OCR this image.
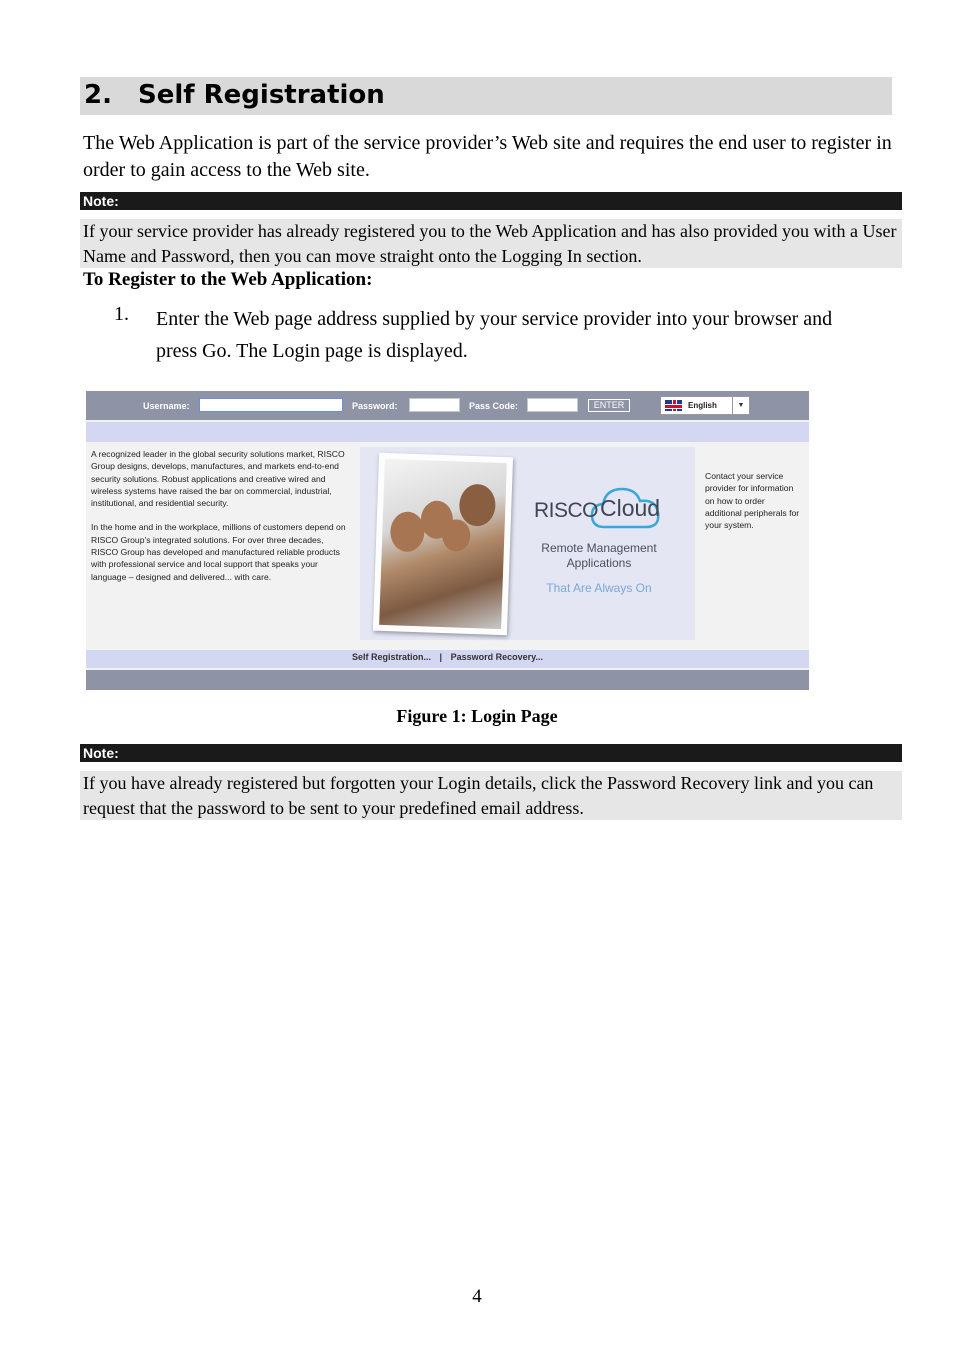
2. Self Registration
The Web Application is part of the service provider’s Web site and requires the end user to register in order to gain access to the Web site.
Note:
If your service provider has already registered you to the Web Application and has also provided you with a User Name and Password, then you can move straight onto the Logging In section.
To Register to the Web Application:
1. Enter the Web page address supplied by your service provider into your browser and press Go. The Login page is displayed.
Username:	Password:	Pass Code:	ENTER	English	▼

A recognized leader in the global security solutions market, RISCO Group designs, develops, manufactures, and markets end-to-end security solutions. Robust applications and creative wired and wireless systems have raised the bar on commercial, industrial, institutional, and residential security.

In the home and in the workplace, millions of customers depend on RISCO Group’s integrated solutions. For over three decades, RISCO Group has developed and manufactured reliable products with professional service and local support that speaks your language – designed and delivered... with care.

RISCO Cloud
Remote Management Applications
That Are Always On
Contact your service provider for information on how to order additional peripherals for your system.
Self Registration... | Password Recovery...
Figure 1: Login Page
Note:
If you have already registered but forgotten your Login details, click the Password Recovery link and you can request that the password to be sent to your predefined email address.
4
